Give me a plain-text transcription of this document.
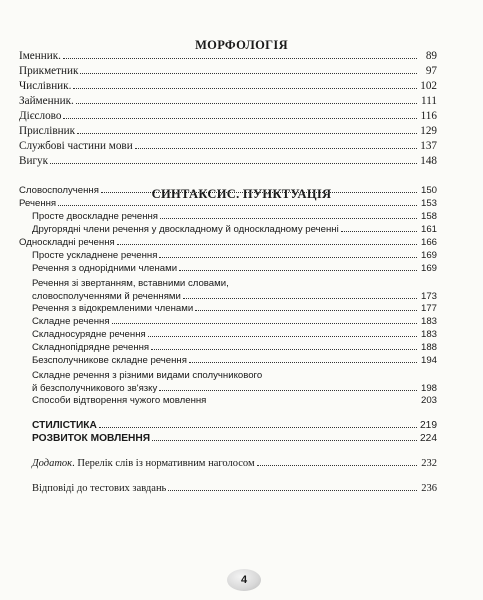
МОРФОЛОГІЯ
Іменник.	89
Прикметник	97
Числівник.	102
Займенник.	111
Дієслово	116
Прислівник	129
Службові частини мови	137
Вигук	148
СИНТАКСИС. ПУНКТУАЦІЯ
Словосполучення	150
Речення	153
Просте двоскладне речення	158
Другорядні члени речення у двоскладному й односкладному реченні	161
Односкладні речення	166
Просте ускладнене речення	169
Речення з однорідними членами	169
Речення зі звертанням, вставними словами,
словосполученнями й реченнями	173
Речення з відокремленими членами	177
Складне речення	183
Складносурядне речення	183
Складнопідрядне речення	188
Безсполучникове складне речення	194
Складне речення з різними видами сполучникового
й безсполучникового зв'язку	198
Способи відтворення чужого мовлення	203
СТИЛІСТИКА	219
РОЗВИТОК МОВЛЕННЯ	224
Додаток. Перелік слів із нормативним наголосом	232
Відповіді до тестових завдань	236
4
